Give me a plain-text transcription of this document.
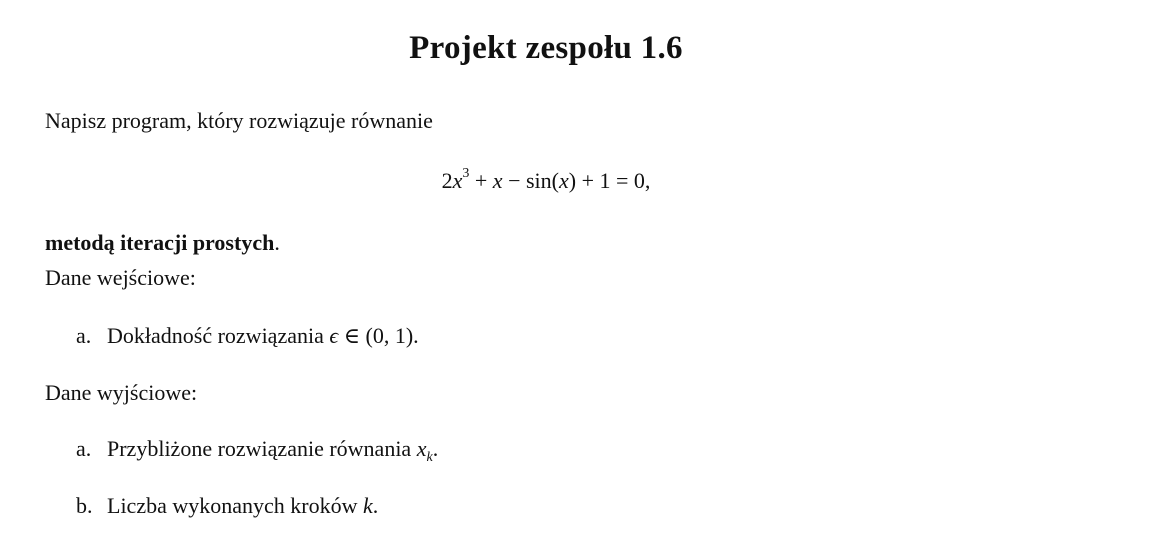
Projekt zespołu 1.6
Napisz program, który rozwiązuje równanie
$2x^3 + x - \sin(x) + 1 = 0$,
metodą iteracji prostych.
Dane wejściowe:
a. Dokładność rozwiązania ϵ ∈ (0, 1).
Dane wyjściowe:
a. Przybliżone rozwiązanie równania $x_k$.
b. Liczba wykonanych kroków k.
